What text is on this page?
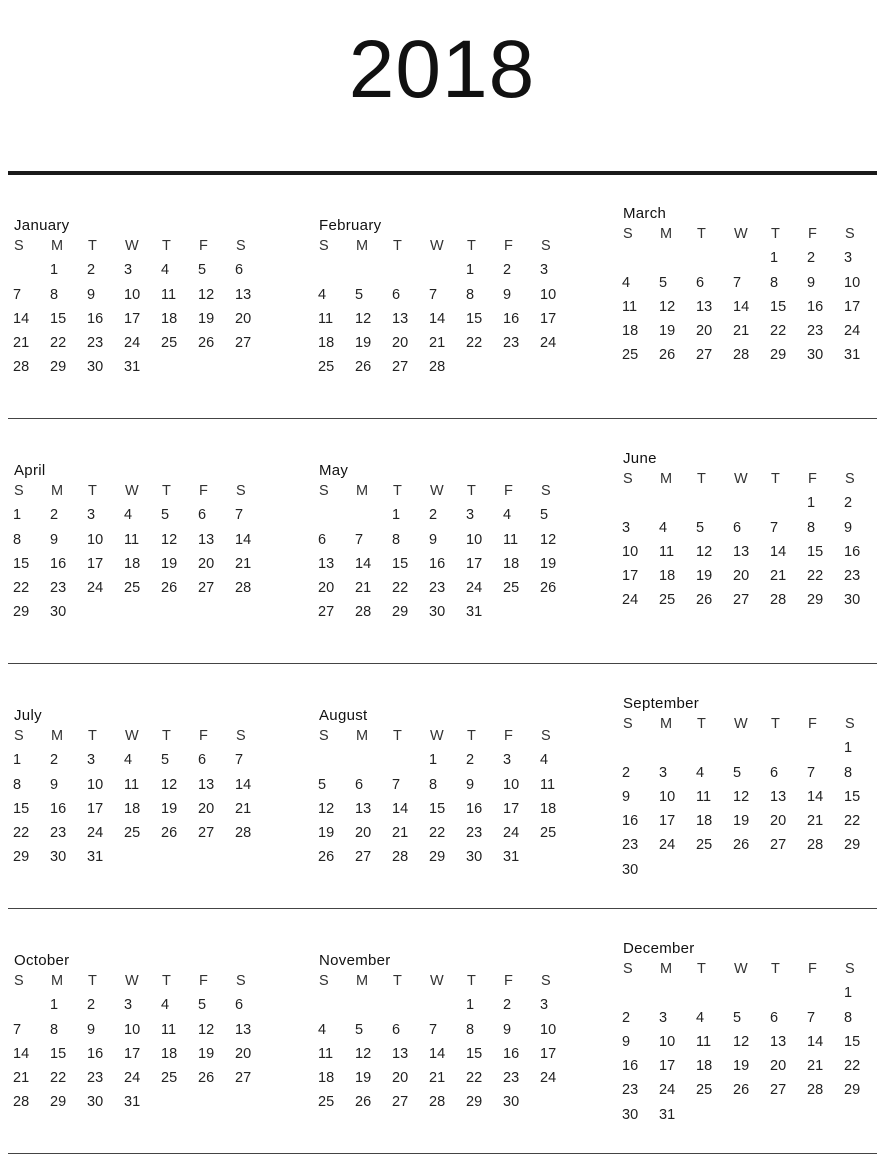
2018
January
S M T W T F S
1 2 3 4 5 6
7 8 9 10 11 12 13
14 15 16 17 18 19 20
21 22 23 24 25 26 27
28 29 30 31
February
S M T W T F S
1 2 3
4 5 6 7 8 9 10
11 12 13 14 15 16 17
18 19 20 21 22 23 24
25 26 27 28
March
S M T W T F S
1 2 3
4 5 6 7 8 9 10
11 12 13 14 15 16 17
18 19 20 21 22 23 24
25 26 27 28 29 30 31
April
S M T W T F S
1 2 3 4 5 6 7
8 9 10 11 12 13 14
15 16 17 18 19 20 21
22 23 24 25 26 27 28
29 30
May
S M T W T F S
1 2 3 4 5
6 7 8 9 10 11 12
13 14 15 16 17 18 19
20 21 22 23 24 25 26
27 28 29 30 31
June
S M T W T F S
1 2
3 4 5 6 7 8 9
10 11 12 13 14 15 16
17 18 19 20 21 22 23
24 25 26 27 28 29 30
July
S M T W T F S
1 2 3 4 5 6 7
8 9 10 11 12 13 14
15 16 17 18 19 20 21
22 23 24 25 26 27 28
29 30 31
August
S M T W T F S
1 2 3 4
5 6 7 8 9 10 11
12 13 14 15 16 17 18
19 20 21 22 23 24 25
26 27 28 29 30 31
September
S M T W T F S
1
2 3 4 5 6 7 8
9 10 11 12 13 14 15
16 17 18 19 20 21 22
23 24 25 26 27 28 29
30
October
S M T W T F S
1 2 3 4 5 6
7 8 9 10 11 12 13
14 15 16 17 18 19 20
21 22 23 24 25 26 27
28 29 30 31
November
S M T W T F S
1 2 3
4 5 6 7 8 9 10
11 12 13 14 15 16 17
18 19 20 21 22 23 24
25 26 27 28 29 30
December
S M T W T F S
1
2 3 4 5 6 7 8
9 10 11 12 13 14 15
16 17 18 19 20 21 22
23 24 25 26 27 28 29
30 31
